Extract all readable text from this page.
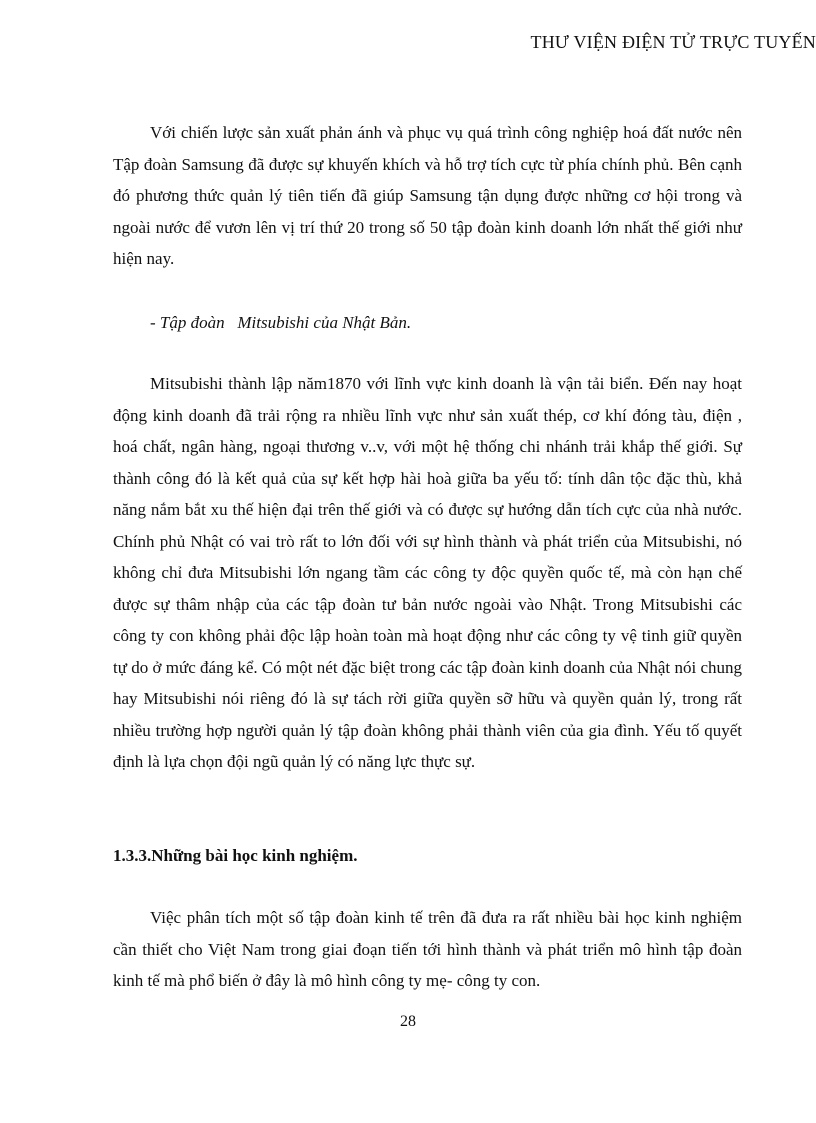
THƯ VIỆN ĐIỆN TỬ TRỰC TUYẾN

Với chiến lược sản xuất phản ánh và phục vụ quá trình công nghiệp hoá đất nước nên Tập đoàn Samsung đã được sự khuyến khích và hỗ trợ tích cực từ phía chính phủ. Bên cạnh đó phương thức quản lý tiên tiến đã giúp Samsung tận dụng được những cơ hội trong và ngoài nước để vươn lên vị trí thứ 20 trong số 50 tập đoàn kinh doanh lớn nhất thế giới như hiện nay.

- Tập đoàn   Mitsubishi của Nhật Bản.

Mitsubishi thành lập năm1870 với lĩnh vực kinh doanh là vận tải biển. Đến nay hoạt động kinh doanh đã trải rộng ra nhiều lĩnh vực như sản xuất thép, cơ khí đóng tàu, điện , hoá chất, ngân hàng, ngoại thương v..v, với một hệ thống chi nhánh trải khắp thế giới. Sự thành công đó là kết quả của sự kết hợp hài hoà giữa ba yếu tố: tính dân tộc đặc thù, khả năng nắm bắt xu thế hiện đại trên thế giới và có được sự hướng dẫn tích cực của nhà nước. Chính phủ Nhật có vai trò rất to lớn đối với sự hình thành và phát triển của Mitsubishi, nó không chỉ đưa Mitsubishi lớn ngang tầm các công ty độc quyền quốc tế, mà còn hạn chế được sự thâm nhập của các tập đoàn tư bản nước ngoài vào Nhật. Trong Mitsubishi các công ty con không phải độc lập hoàn toàn mà hoạt động như các công ty vệ tinh giữ quyền tự do ở mức đáng kể. Có một nét đặc biệt trong các tập đoàn kinh doanh của Nhật nói chung hay Mitsubishi nói riêng đó là sự tách rời giữa quyền sỡ hữu và quyền quản lý, trong rất nhiều trường hợp người quản lý tập đoàn không phải thành viên của gia đình. Yếu tố quyết định là lựa chọn đội ngũ quản lý có năng lực thực sự.

1.3.3.Những bài học kinh nghiệm.

Việc phân tích một số tập đoàn kinh tế trên đã đưa ra rất nhiều bài học kinh nghiệm cần thiết cho Việt Nam trong giai đoạn tiến tới hình thành và phát triển mô hình tập đoàn kinh tế mà phổ biến ở đây là mô hình công ty mẹ- công ty con.

28
